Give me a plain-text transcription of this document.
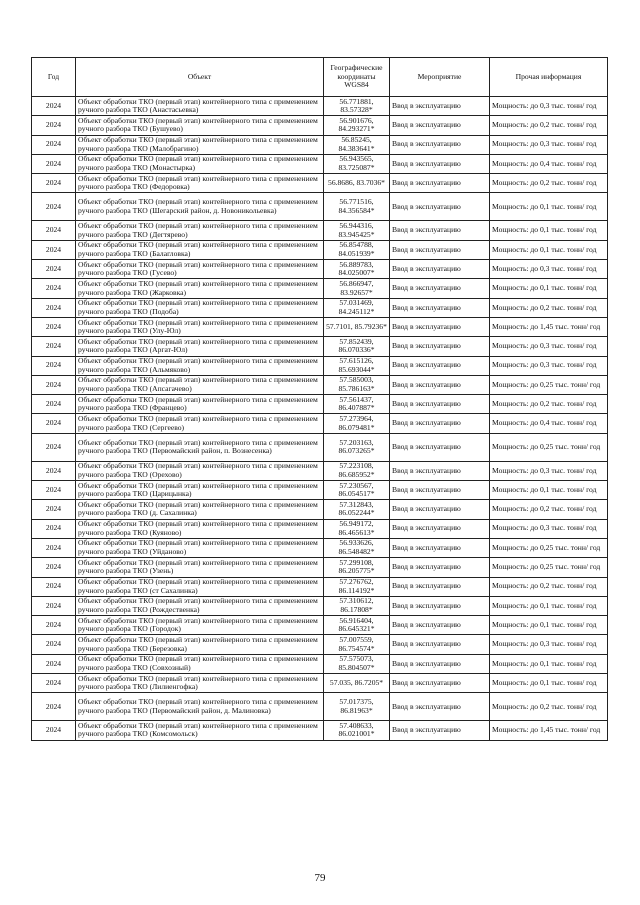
Год	Объект	Географические координаты WGS84	Мероприятие	Прочая информация
2024	Объект обработки ТКО (первый этап) контейнерного типа с применением ручного разбора ТКО (Анастасьевка)	56.771881, 83.57328*	Ввод в эксплуатацию	Мощность: до 0,3 тыс. тонн/ год
2024	Объект обработки ТКО (первый этап) контейнерного типа с применением ручного разбора ТКО (Бушуево)	56.901676, 84.293271*	Ввод в эксплуатацию	Мощность: до 0,2 тыс. тонн/ год
2024	Объект обработки ТКО (первый этап) контейнерного типа с применением ручного разбора ТКО (Малобрагино)	56.85245, 84.383641*	Ввод в эксплуатацию	Мощность: до 0,3 тыс. тонн/ год
2024	Объект обработки ТКО (первый этап) контейнерного типа с применением ручного разбора ТКО (Монастырка)	56.943565, 83.725087*	Ввод в эксплуатацию	Мощность: до 0,4 тыс. тонн/ год
2024	Объект обработки ТКО (первый этап) контейнерного типа с применением ручного разбора ТКО (Федоровка)	56.8686, 83.7036*	Ввод в эксплуатацию	Мощность: до 0,2 тыс. тонн/ год
2024	Объект обработки ТКО (первый этап) контейнерного типа с применением ручного разбора ТКО (Шегарский район, д. Новоникольевка)	56.771516, 84.356584*	Ввод в эксплуатацию	Мощность: до 0,1 тыс. тонн/ год
2024	Объект обработки ТКО (первый этап) контейнерного типа с применением ручного разбора ТКО (Дегтярево)	56.944316, 83.945425*	Ввод в эксплуатацию	Мощность: до 0,1 тыс. тонн/ год
2024	Объект обработки ТКО (первый этап) контейнерного типа с применением ручного разбора ТКО (Балагловка)	56.854788, 84.051939*	Ввод в эксплуатацию	Мощность: до 0,1 тыс. тонн/ год
2024	Объект обработки ТКО (первый этап) контейнерного типа с применением ручного разбора ТКО (Гусево)	56.889783, 84.025007*	Ввод в эксплуатацию	Мощность: до 0,3 тыс. тонн/ год
2024	Объект обработки ТКО (первый этап) контейнерного типа с применением ручного разбора ТКО (Жарковка)	56.866947, 83.92657*	Ввод в эксплуатацию	Мощность: до 0,1 тыс. тонн/ год
2024	Объект обработки ТКО (первый этап) контейнерного типа с применением ручного разбора ТКО (Подоба)	57.031469, 84.245112*	Ввод в эксплуатацию	Мощность: до 0,2 тыс. тонн/ год
2024	Объект обработки ТКО (первый этап) контейнерного типа с применением ручного разбора ТКО (Улу-Юл)	57.7101, 85.79236*	Ввод в эксплуатацию	Мощность: до 1,45 тыс. тонн/ год
2024	Объект обработки ТКО (первый этап) контейнерного типа с применением ручного разбора ТКО (Аргат-Юл)	57.852439, 86.070336*	Ввод в эксплуатацию	Мощность: до 0,3 тыс. тонн/ год
2024	Объект обработки ТКО (первый этап) контейнерного типа с применением ручного разбора ТКО (Альмяково)	57.615126, 85.693044*	Ввод в эксплуатацию	Мощность: до 0,3 тыс. тонн/ год
2024	Объект обработки ТКО (первый этап) контейнерного типа с применением ручного разбора ТКО (Апсагачево)	57.585003, 85.786163*	Ввод в эксплуатацию	Мощность: до 0,25 тыс. тонн/ год
2024	Объект обработки ТКО (первый этап) контейнерного типа с применением ручного разбора ТКО (Францево)	57.561437, 86.407887*	Ввод в эксплуатацию	Мощность: до 0,2 тыс. тонн/ год
2024	Объект обработки ТКО (первый этап) контейнерного типа с применением ручного разбора ТКО (Сергеево)	57.273964, 86.079481*	Ввод в эксплуатацию	Мощность: до 0,4 тыс. тонн/ год
2024	Объект обработки ТКО (первый этап) контейнерного типа с применением ручного разбора ТКО (Первомайский район, п. Вознесенка)	57.203163, 86.073265*	Ввод в эксплуатацию	Мощность: до 0,25 тыс. тонн/ год
2024	Объект обработки ТКО (первый этап) контейнерного типа с применением ручного разбора ТКО (Орехово)	57.223108, 86.685952*	Ввод в эксплуатацию	Мощность: до 0,3 тыс. тонн/ год
2024	Объект обработки ТКО (первый этап) контейнерного типа с применением ручного разбора ТКО (Царицынка)	57.230567, 86.054517*	Ввод в эксплуатацию	Мощность: до 0,1 тыс. тонн/ год
2024	Объект обработки ТКО (первый этап) контейнерного типа с применением ручного разбора ТКО (д. Сахалинка)	57.312843, 86.052244*	Ввод в эксплуатацию	Мощность: до 0,2 тыс. тонн/ год
2024	Объект обработки ТКО (первый этап) контейнерного типа с применением ручного разбора ТКО (Куяново)	56.949172, 86.465613*	Ввод в эксплуатацию	Мощность: до 0,3 тыс. тонн/ год
2024	Объект обработки ТКО (первый этап) контейнерного типа с применением ручного разбора ТКО (Уйданово)	56.933626, 86.548482*	Ввод в эксплуатацию	Мощность: до 0,25 тыс. тонн/ год
2024	Объект обработки ТКО (первый этап) контейнерного типа с применением ручного разбора ТКО (Узень)	57.299108, 86.205775*	Ввод в эксплуатацию	Мощность: до 0,25 тыс. тонн/ год
2024	Объект обработки ТКО (первый этап) контейнерного типа с применением ручного разбора ТКО (ст Сахалинка)	57.276762, 86.114192*	Ввод в эксплуатацию	Мощность: до 0,2 тыс. тонн/ год
2024	Объект обработки ТКО (первый этап) контейнерного типа с применением ручного разбора ТКО (Рождественка)	57.310612, 86.17808*	Ввод в эксплуатацию	Мощность: до 0,1 тыс. тонн/ год
2024	Объект обработки ТКО (первый этап) контейнерного типа с применением ручного разбора ТКО (Городок)	56.916404, 86.645321*	Ввод в эксплуатацию	Мощность: до 0,1 тыс. тонн/ год
2024	Объект обработки ТКО (первый этап) контейнерного типа с применением ручного разбора ТКО (Березовка)	57.007559, 86.754574*	Ввод в эксплуатацию	Мощность: до 0,3 тыс. тонн/ год
2024	Объект обработки ТКО (первый этап) контейнерного типа с применением ручного разбора ТКО (Совхозный)	57.575073, 85.804507*	Ввод в эксплуатацию	Мощность: до 0,1 тыс. тонн/ год
2024	Объект обработки ТКО (первый этап) контейнерного типа с применением ручного разбора ТКО (Лилиенгофка)	57.035, 86.7205*	Ввод в эксплуатацию	Мощность: до 0,1 тыс. тонн/ год
2024	Объект обработки ТКО (первый этап) контейнерного типа с применением ручного разбора ТКО (Первомайский район, д. Малиновка)	57.017375, 86.81963*	Ввод в эксплуатацию	Мощность: до 0,2 тыс. тонн/ год
2024	Объект обработки ТКО (первый этап) контейнерного типа с применением ручного разбора ТКО (Комсомольск)	57.408633, 86.021001*	Ввод в эксплуатацию	Мощность: до 1,45 тыс. тонн/ год
79
